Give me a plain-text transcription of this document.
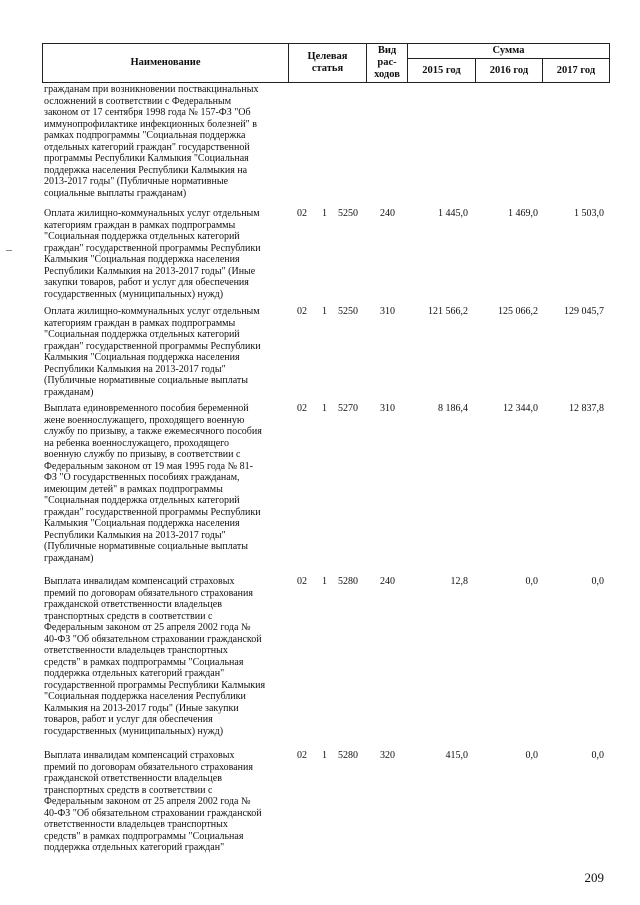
Наименование
Целевая статья
Вид рас-ходов
Сумма
2015 год	2016 год	2017 год
гражданам при возникновении поствакцинальных
осложнений в соответствии с Федеральным
законом от 17 сентября 1998 года № 157-ФЗ "Об
иммунопрофилактике инфекционных болезней" в
рамках подпрограммы "Социальная поддержка
отдельных категорий граждан" государственной
программы Республики Калмыкия "Социальная
поддержка населения Республики Калмыкия на
2013-2017 годы" (Публичные нормативные
социальные выплаты гражданам)
Оплата жилищно-коммунальных услуг отдельным
категориям граждан в рамках подпрограммы
"Социальная поддержка отдельных категорий
граждан" государственной программы Республики
Калмыкия "Социальная поддержка населения
Республики Калмыкия на 2013-2017 годы" (Иные
закупки товаров, работ и услуг для обеспечения
государственных (муниципальных) нужд)
02 1 5250 240	1 445,0	1 469,0	1 503,0
Оплата жилищно-коммунальных услуг отдельным
категориям граждан в рамках подпрограммы
"Социальная поддержка отдельных категорий
граждан" государственной программы Республики
Калмыкия "Социальная поддержка населения
Республики Калмыкия на 2013-2017 годы"
(Публичные нормативные социальные выплаты
гражданам)
02 1 5250 310	121 566,2	125 066,2	129 045,7
Выплата единовременного пособия беременной
жене военнослужащего, проходящего военную
службу по призыву, а также ежемесячного пособия
на ребенка военнослужащего, проходящего
военную службу по призыву, в соответствии с
Федеральным законом от 19 мая 1995 года № 81-
ФЗ "О государственных пособиях гражданам,
имеющим детей" в рамках подпрограммы
"Социальная поддержка отдельных категорий
граждан" государственной программы Республики
Калмыкия "Социальная поддержка населения
Республики Калмыкия на 2013-2017 годы"
(Публичные нормативные социальные выплаты
гражданам)
02 1 5270 310	8 186,4	12 344,0	12 837,8
Выплата инвалидам компенсаций страховых
премий по договорам обязательного страхования
гражданской ответственности владельцев
транспортных средств в соответствии с
Федеральным законом от 25 апреля 2002 года №
40-ФЗ "Об обязательном страховании гражданской
ответственности владельцев транспортных
средств" в рамках подпрограммы "Социальная
поддержка отдельных категорий граждан"
государственной программы Республики Калмыкия
"Социальная поддержка населения Республики
Калмыкия на 2013-2017 годы" (Иные закупки
товаров, работ и услуг для обеспечения
государственных (муниципальных) нужд)
02 1 5280 240	12,8	0,0	0,0
Выплата инвалидам компенсаций страховых
премий по договорам обязательного страхования
гражданской ответственности владельцев
транспортных средств в соответствии с
Федеральным законом от 25 апреля 2002 года №
40-ФЗ "Об обязательном страховании гражданской
ответственности владельцев транспортных
средств" в рамках подпрограммы "Социальная
поддержка отдельных категорий граждан"
02 1 5280 320	415,0	0,0	0,0
209
